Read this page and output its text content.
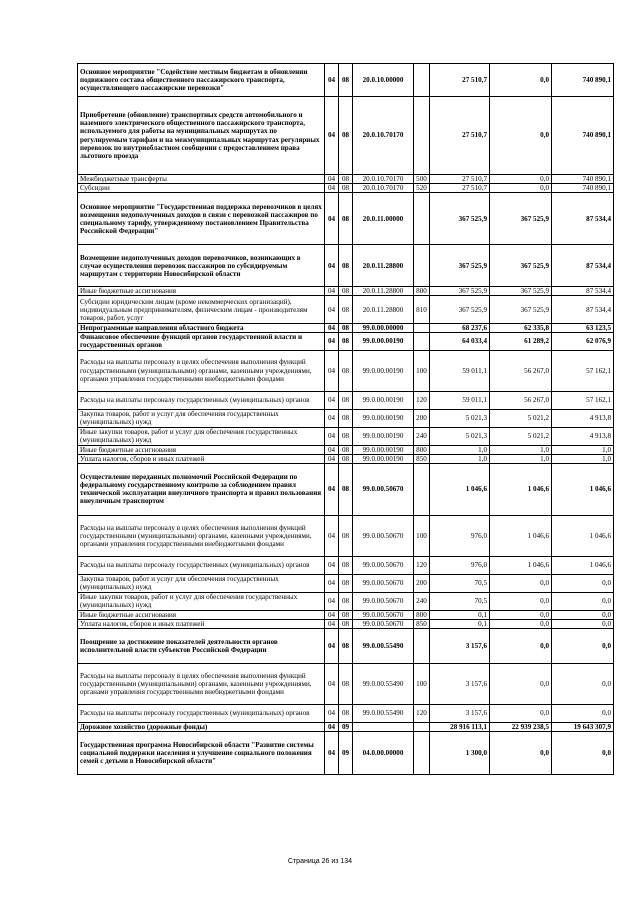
Основное мероприятие "Содействие местным бюджетам в обновлении подвижного состава общественного пассажирского транспорта, осуществляющего пассажирские перевозки"	04	08	20.0.10.00000		27 510,7	0,0	740 890,1
Приобретение (обновление) транспортных средств автомобильного и наземного электрического общественного пассажирского транспорта, используемого для работы на муниципальных маршрутах по регулируемым тарифам и на межмуниципальных маршрутах регулярных перевозок по внутриобластном сообщении с предоставлением права льготного проезда	04	08	20.0.10.70170		27 510,7	0,0	740 890,1
Межбюджетные трансферты	04	08	20.0.10.70170	500	27 510,7	0,0	740 890,1
Субсидии	04	08	20.0.10.70170	520	27 510,7	0,0	740 890,1
Основное мероприятие "Государственная поддержка перевозчиков в целях возмещения недополученных доходов в связи с перевозкой пассажиров по специальному тарифу, утвержденному постановлением Правительства Российской Федерации"	04	08	20.0.11.00000		367 525,9	367 525,9	87 534,4
Возмещение недополученных доходов перевозчиков, возникающих в случае осуществления перевозок пассажиров по субсидируемым маршрутам с территории Новосибирской области	04	08	20.0.11.28800		367 525,9	367 525,9	87 534,4
Иные бюджетные ассигнования	04	08	20.0.11.28800	800	367 525,9	367 525,9	87 534,4
Субсидии юридическим лицам (кроме некоммерческих организаций), индивидуальным предпринимателям, физическим лицам - производителям товаров, работ, услуг	04	08	20.0.11.28800	810	367 525,9	367 525,9	87 534,4
Непрограммные направления областного бюджета	04	08	99.0.00.00000		68 237,6	62 335,8	63 123,5
Финансовое обеспечение функций органов государственной власти и государственных органов	04	08	99.0.00.00190		64 033,4	61 289,2	62 076,9
Расходы на выплаты персоналу в целях обеспечения выполнения функций государственными (муниципальными) органами, казенными учреждениями, органами управления государственными внебюджетными фондами	04	08	99.0.00.00190	100	59 011,1	56 267,0	57 162,1
Расходы на выплаты персоналу государственных (муниципальных) органов	04	08	99.0.00.00190	120	59 011,1	56 267,0	57 162,1
Закупка товаров, работ и услуг для обеспечения государственных (муниципальных) нужд	04	08	99.0.00.00190	200	5 021,3	5 021,2	4 913,8
Иные закупки товаров, работ и услуг для обеспечения государственных (муниципальных) нужд	04	08	99.0.00.00190	240	5 021,3	5 021,2	4 913,8
Иные бюджетные ассигнования	04	08	99.0.00.00190	800	1,0	1,0	1,0
Уплата налогов, сборов и иных платежей	04	08	99.0.00.00190	850	1,0	1,0	1,0
Осуществление переданных полномочий Российской Федерации по федеральному государственному контролю за соблюдением правил технической эксплуатации внеуличного транспорта и правил пользования внеуличным транспортом	04	08	99.0.00.50670		1 046,6	1 046,6	1 046,6
Расходы на выплаты персоналу в целях обеспечения выполнения функций государственными (муниципальными) органами, казенными учреждениями, органами управления государственными внебюджетными фондами	04	08	99.0.00.50670	100	976,0	1 046,6	1 046,6
Расходы на выплаты персоналу государственных (муниципальных) органов	04	08	99.0.00.50670	120	976,0	1 046,6	1 046,6
Закупка товаров, работ и услуг для обеспечения государственных (муниципальных) нужд	04	08	99.0.00.50670	200	70,5	0,0	0,0
Иные закупки товаров, работ и услуг для обеспечения государственных (муниципальных) нужд	04	08	99.0.00.50670	240	70,5	0,0	0,0
Иные бюджетные ассигнования	04	08	99.0.00.50670	800	0,1	0,0	0,0
Уплата налогов, сборов и иных платежей	04	08	99.0.00.50670	850	0,1	0,0	0,0
Поощрение за достижение показателей деятельности органов исполнительной власти субъектов Российской Федерации	04	08	99.0.00.55490		3 157,6	0,0	0,0
Расходы на выплаты персоналу в целях обеспечения выполнения функций государственными (муниципальными) органами, казенными учреждениями, органами управления государственными внебюджетными фондами	04	08	99.0.00.55490	100	3 157,6	0,0	0,0
Расходы на выплаты персоналу государственных (муниципальных) органов	04	08	99.0.00.55490	120	3 157,6	0,0	0,0
Дорожное хозяйство (дорожные фонды)	04	09			28 916 113,1	22 939 238,5	19 643 307,9
Государственная программа Новосибирской области "Развитие системы социальной поддержки населения и улучшение социального положения семей с детьми в Новосибирской области"	04	09	04.0.00.00000		1 300,0	0,0	0,0
Страница 26 из 134
